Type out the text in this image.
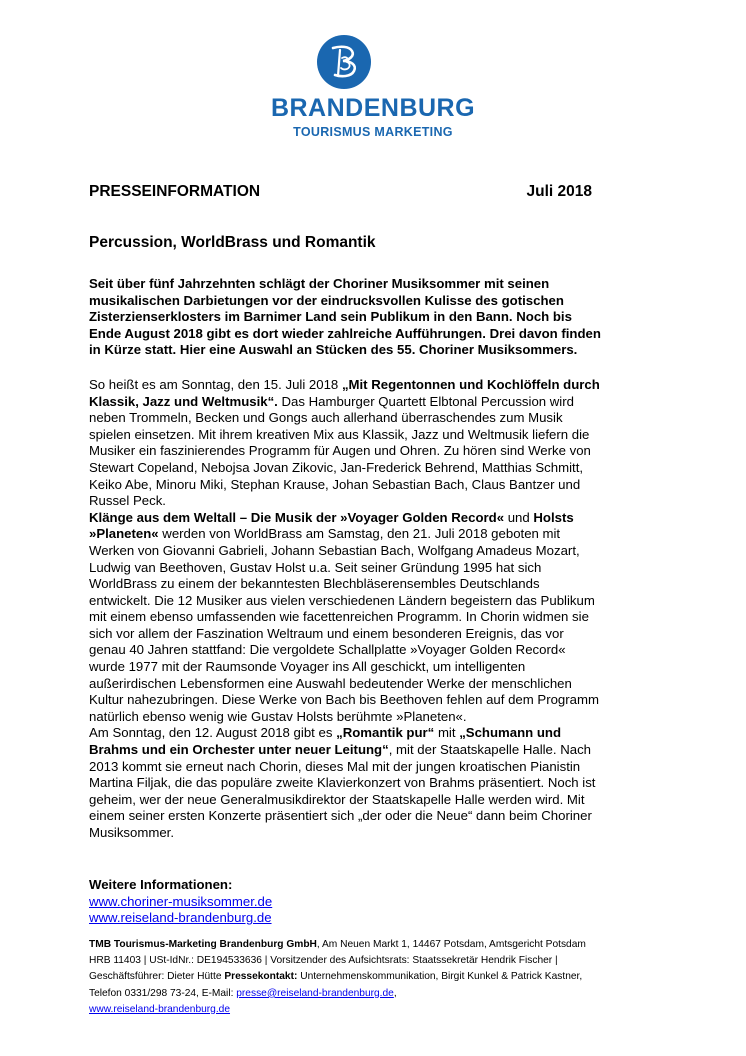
BRANDENBURG
TOURISMUS MARKETING
PRESSEINFORMATION	Juli 2018
Percussion, WorldBrass und Romantik

Seit über fünf Jahrzehnten schlägt der Choriner Musiksommer mit seinen musikalischen Darbietungen vor der eindrucksvollen Kulisse des gotischen Zisterzienserklosters im Barnimer Land sein Publikum in den Bann. Noch bis Ende August 2018 gibt es dort wieder zahlreiche Aufführungen. Drei davon finden in Kürze statt. Hier eine Auswahl an Stücken des 55. Choriner Musiksommers.

So heißt es am Sonntag, den 15. Juli 2018 „Mit Regentonnen und Kochlöffeln durch Klassik, Jazz und Weltmusik“. Das Hamburger Quartett Elbtonal Percussion wird neben Trommeln, Becken und Gongs auch allerhand überraschendes zum Musik spielen einsetzen. Mit ihrem kreativen Mix aus Klassik, Jazz und Weltmusik liefern die Musiker ein faszinierendes Programm für Augen und Ohren. Zu hören sind Werke von Stewart Copeland, Nebojsa Jovan Zikovic, Jan-Frederick Behrend, Matthias Schmitt, Keiko Abe, Minoru Miki, Stephan Krause, Johan Sebastian Bach, Claus Bantzer und Russel Peck.

Klänge aus dem Weltall – Die Musik der »Voyager Golden Record« und Holsts »Planeten« werden von WorldBrass am Samstag, den 21. Juli 2018 geboten mit Werken von Giovanni Gabrieli, Johann Sebastian Bach, Wolfgang Amadeus Mozart, Ludwig van Beethoven, Gustav Holst u.a. Seit seiner Gründung 1995 hat sich WorldBrass zu einem der bekanntesten Blechbläserensembles Deutschlands entwickelt. Die 12 Musiker aus vielen verschiedenen Ländern begeistern das Publikum mit einem ebenso umfassenden wie facettenreichen Programm. In Chorin widmen sie sich vor allem der Faszination Weltraum und einem besonderen Ereignis, das vor genau 40 Jahren stattfand: Die vergoldete Schallplatte »Voyager Golden Record« wurde 1977 mit der Raumsonde Voyager ins All geschickt, um intelligenten außerirdischen Lebensformen eine Auswahl bedeutender Werke der menschlichen Kultur nahezubringen. Diese Werke von Bach bis Beethoven fehlen auf dem Programm natürlich ebenso wenig wie Gustav Holsts berühmte »Planeten«.

Am Sonntag, den 12. August 2018 gibt es „Romantik pur“ mit „Schumann und Brahms und ein Orchester unter neuer Leitung“, mit der Staatskapelle Halle. Nach 2013 kommt sie erneut nach Chorin, dieses Mal mit der jungen kroatischen Pianistin Martina Filjak, die das populäre zweite Klavierkonzert von Brahms präsentiert. Noch ist geheim, wer der neue Generalmusikdirektor der Staatskapelle Halle werden wird. Mit einem seiner ersten Konzerte präsentiert sich „der oder die Neue“ dann beim Choriner Musiksommer.

Weitere Informationen:
www.choriner-musiksommer.de
www.reiseland-brandenburg.de
TMB Tourismus-Marketing Brandenburg GmbH, Am Neuen Markt 1, 14467 Potsdam, Amtsgericht Potsdam HRB 11403 | USt-IdNr.: DE194533636 | Vorsitzender des Aufsichtsrats: Staatssekretär Hendrik Fischer | Geschäftsführer: Dieter Hütte Pressekontakt: Unternehmenskommunikation, Birgit Kunkel & Patrick Kastner, Telefon 0331/298 73-24, E-Mail: presse@reiseland-brandenburg.de,
www.reiseland-brandenburg.de
